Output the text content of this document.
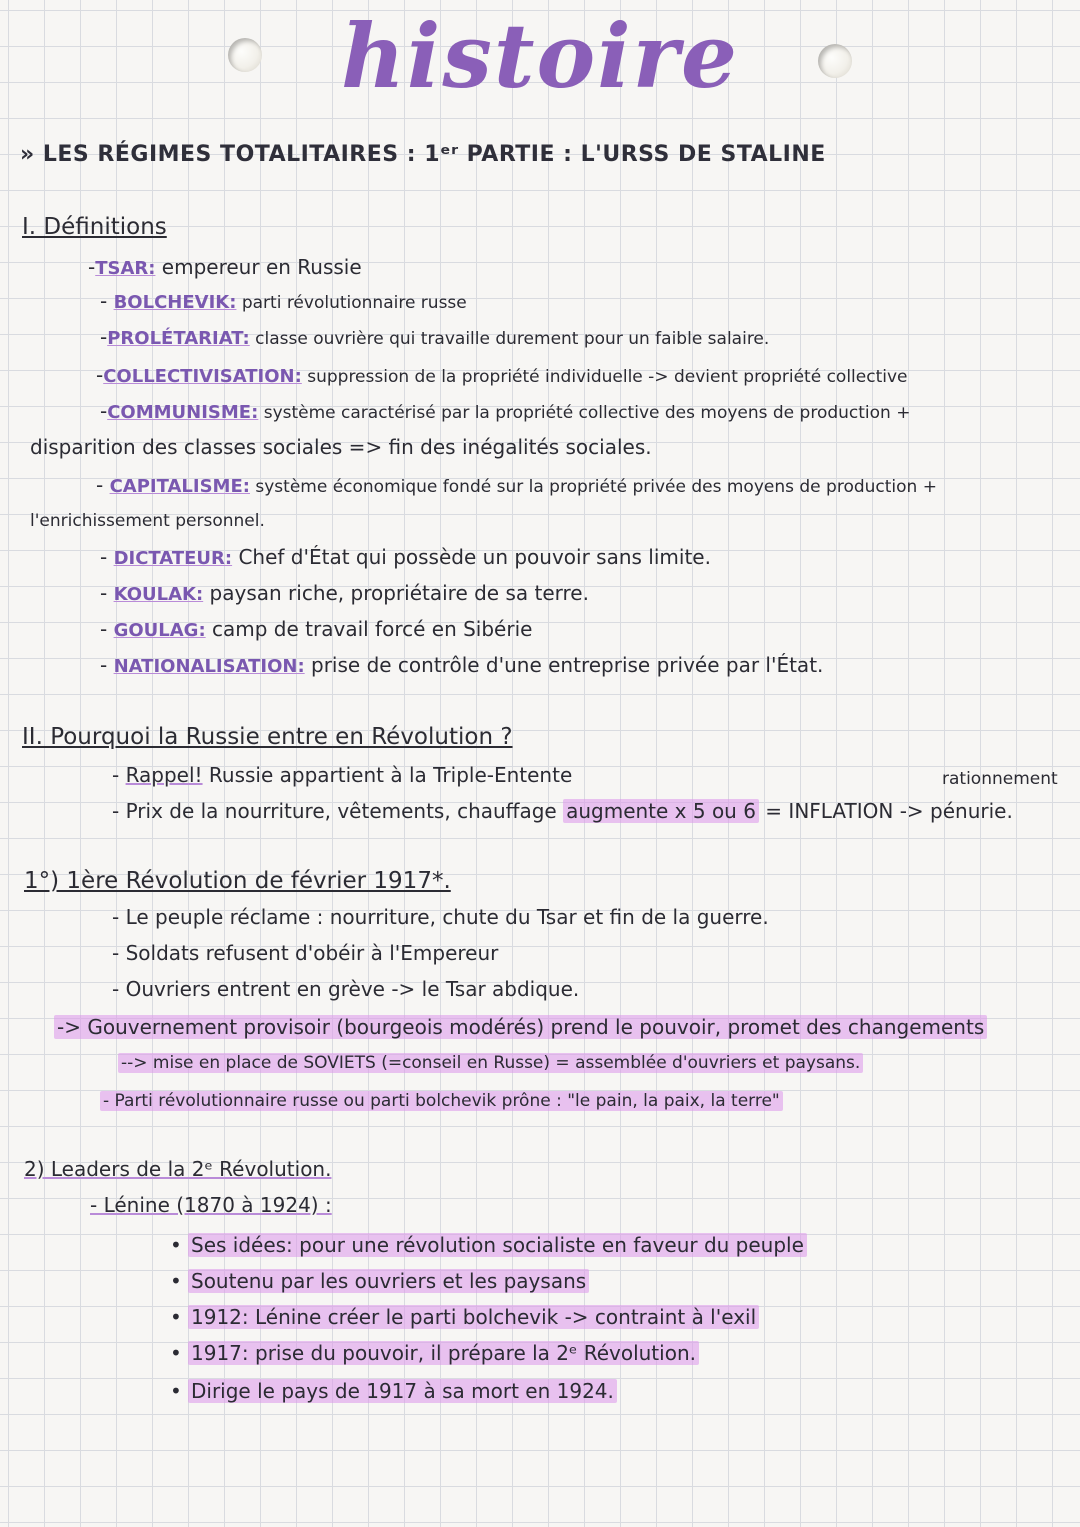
histoire
» LES RÉGIMES TOTALITAIRES : 1ᵉʳ PARTIE : L'URSS DE STALINE
I. Définitions
-TSAR: empereur en Russie
- BOLCHEVIK: parti révolutionnaire russe
-PROLÉTARIAT: classe ouvrière qui travaille durement pour un faible salaire.
-COLLECTIVISATION: suppression de la propriété individuelle -> devient propriété collective
-COMMUNISME: système caractérisé par la propriété collective des moyens de production +
disparition des classes sociales => fin des inégalités sociales.
- CAPITALISME: système économique fondé sur la propriété privée des moyens de production +
l'enrichissement personnel.
- DICTATEUR: Chef d'État qui possède un pouvoir sans limite.
- KOULAK: paysan riche, propriétaire de sa terre.
- GOULAG: camp de travail forcé en Sibérie
- NATIONALISATION: prise de contrôle d'une entreprise privée par l'État.
II. Pourquoi la Russie entre en Révolution ?
- Rappel! Russie appartient à la Triple-Entente	rationnement
- Prix de la nourriture, vêtements, chauffage augmente x 5 ou 6 = INFLATION -> pénurie.
1°) 1ère Révolution de février 1917*.
- Le peuple réclame : nourriture, chute du Tsar et fin de la guerre.
- Soldats refusent d'obéir à l'Empereur
- Ouvriers entrent en grève -> le Tsar abdique.
-> Gouvernement provisoir (bourgeois modérés) prend le pouvoir, promet des changements
--> mise en place de SOVIETS (=conseil en Russe) = assemblée d'ouvriers et paysans.
- Parti révolutionnaire russe ou parti bolchevik prône : "le pain, la paix, la terre"
2) Leaders de la 2ᵉ Révolution.
- Lénine (1870 à 1924) :
• Ses idées: pour une révolution socialiste en faveur du peuple
• Soutenu par les ouvriers et les paysans
• 1912: Lénine créer le parti bolchevik -> contraint à l'exil
• 1917: prise du pouvoir, il prépare la 2ᵉ Révolution.
• Dirige le pays de 1917 à sa mort en 1924.
